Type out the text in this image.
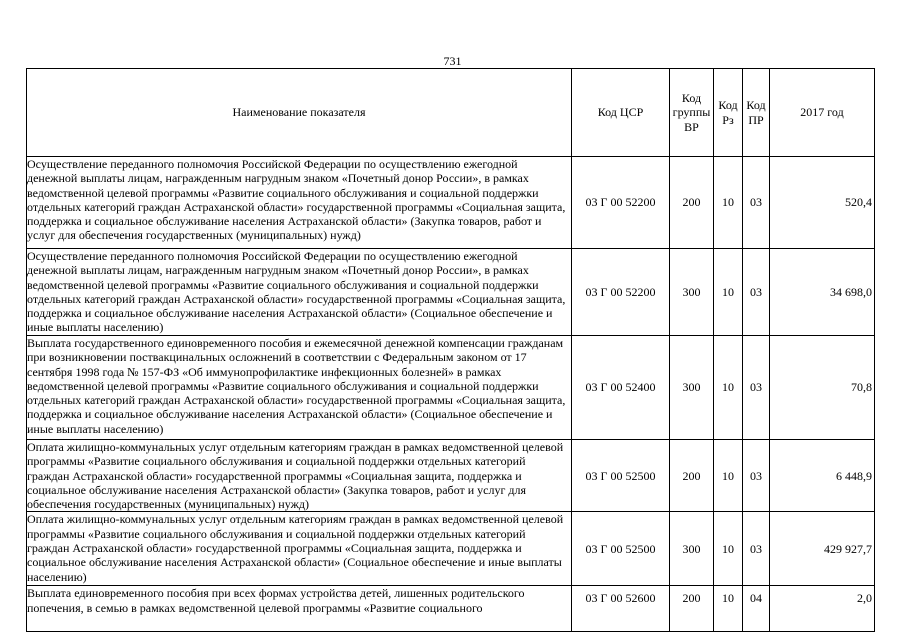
731
Наименование показателя	Код ЦСР	Код группы ВР	Код Рз	Код ПР	2017 год
Осуществление переданного полномочия Российской Федерации по осуществлению ежегодной денежной выплаты лицам, награжденным нагрудным знаком «Почетный донор России», в рамках ведомственной целевой программы «Развитие социального обслуживания и социальной поддержки отдельных категорий граждан Астраханской области» государственной программы «Социальная защита, поддержка и социальное обслуживание населения Астраханской области» (Закупка товаров, работ и услуг для обеспечения государственных (муниципальных) нужд)	03 Г 00 52200	200	10	03	520,4
Осуществление переданного полномочия Российской Федерации по осуществлению ежегодной денежной выплаты лицам, награжденным нагрудным знаком «Почетный донор России», в рамках ведомственной целевой программы «Развитие социального обслуживания и социальной поддержки отдельных категорий граждан Астраханской области» государственной программы «Социальная защита, поддержка и социальное обслуживание населения Астраханской области» (Социальное обеспечение и иные выплаты населению)	03 Г 00 52200	300	10	03	34 698,0
Выплата государственного единовременного пособия и ежемесячной денежной компенсации гражданам при возникновении поствакцинальных осложнений в соответствии с Федеральным законом от 17 сентября 1998 года № 157-ФЗ «Об иммунопрофилактике инфекционных болезней» в рамках ведомственной целевой программы «Развитие социального обслуживания и социальной поддержки отдельных категорий граждан Астраханской области» государственной программы «Социальная защита, поддержка и социальное обслуживание населения Астраханской области» (Социальное обеспечение и иные выплаты населению)	03 Г 00 52400	300	10	03	70,8
Оплата жилищно-коммунальных услуг отдельным категориям граждан в рамках ведомственной целевой программы «Развитие социального обслуживания и социальной поддержки отдельных категорий граждан Астраханской области» государственной программы «Социальная защита, поддержка и социальное обслуживание населения Астраханской области» (Закупка товаров, работ и услуг для обеспечения государственных (муниципальных) нужд)	03 Г 00 52500	200	10	03	6 448,9
Оплата жилищно-коммунальных услуг отдельным категориям граждан в рамках ведомственной целевой программы «Развитие социального обслуживания и социальной поддержки отдельных категорий граждан Астраханской области» государственной программы «Социальная защита, поддержка и социальное обслуживание населения Астраханской области» (Социальное обеспечение и иные выплаты населению)	03 Г 00 52500	300	10	03	429 927,7
Выплата единовременного пособия при всех формах устройства детей, лишенных родительского попечения, в семью в рамках ведомственной целевой программы «Развитие социального	03 Г 00 52600	200	10	04	2,0
